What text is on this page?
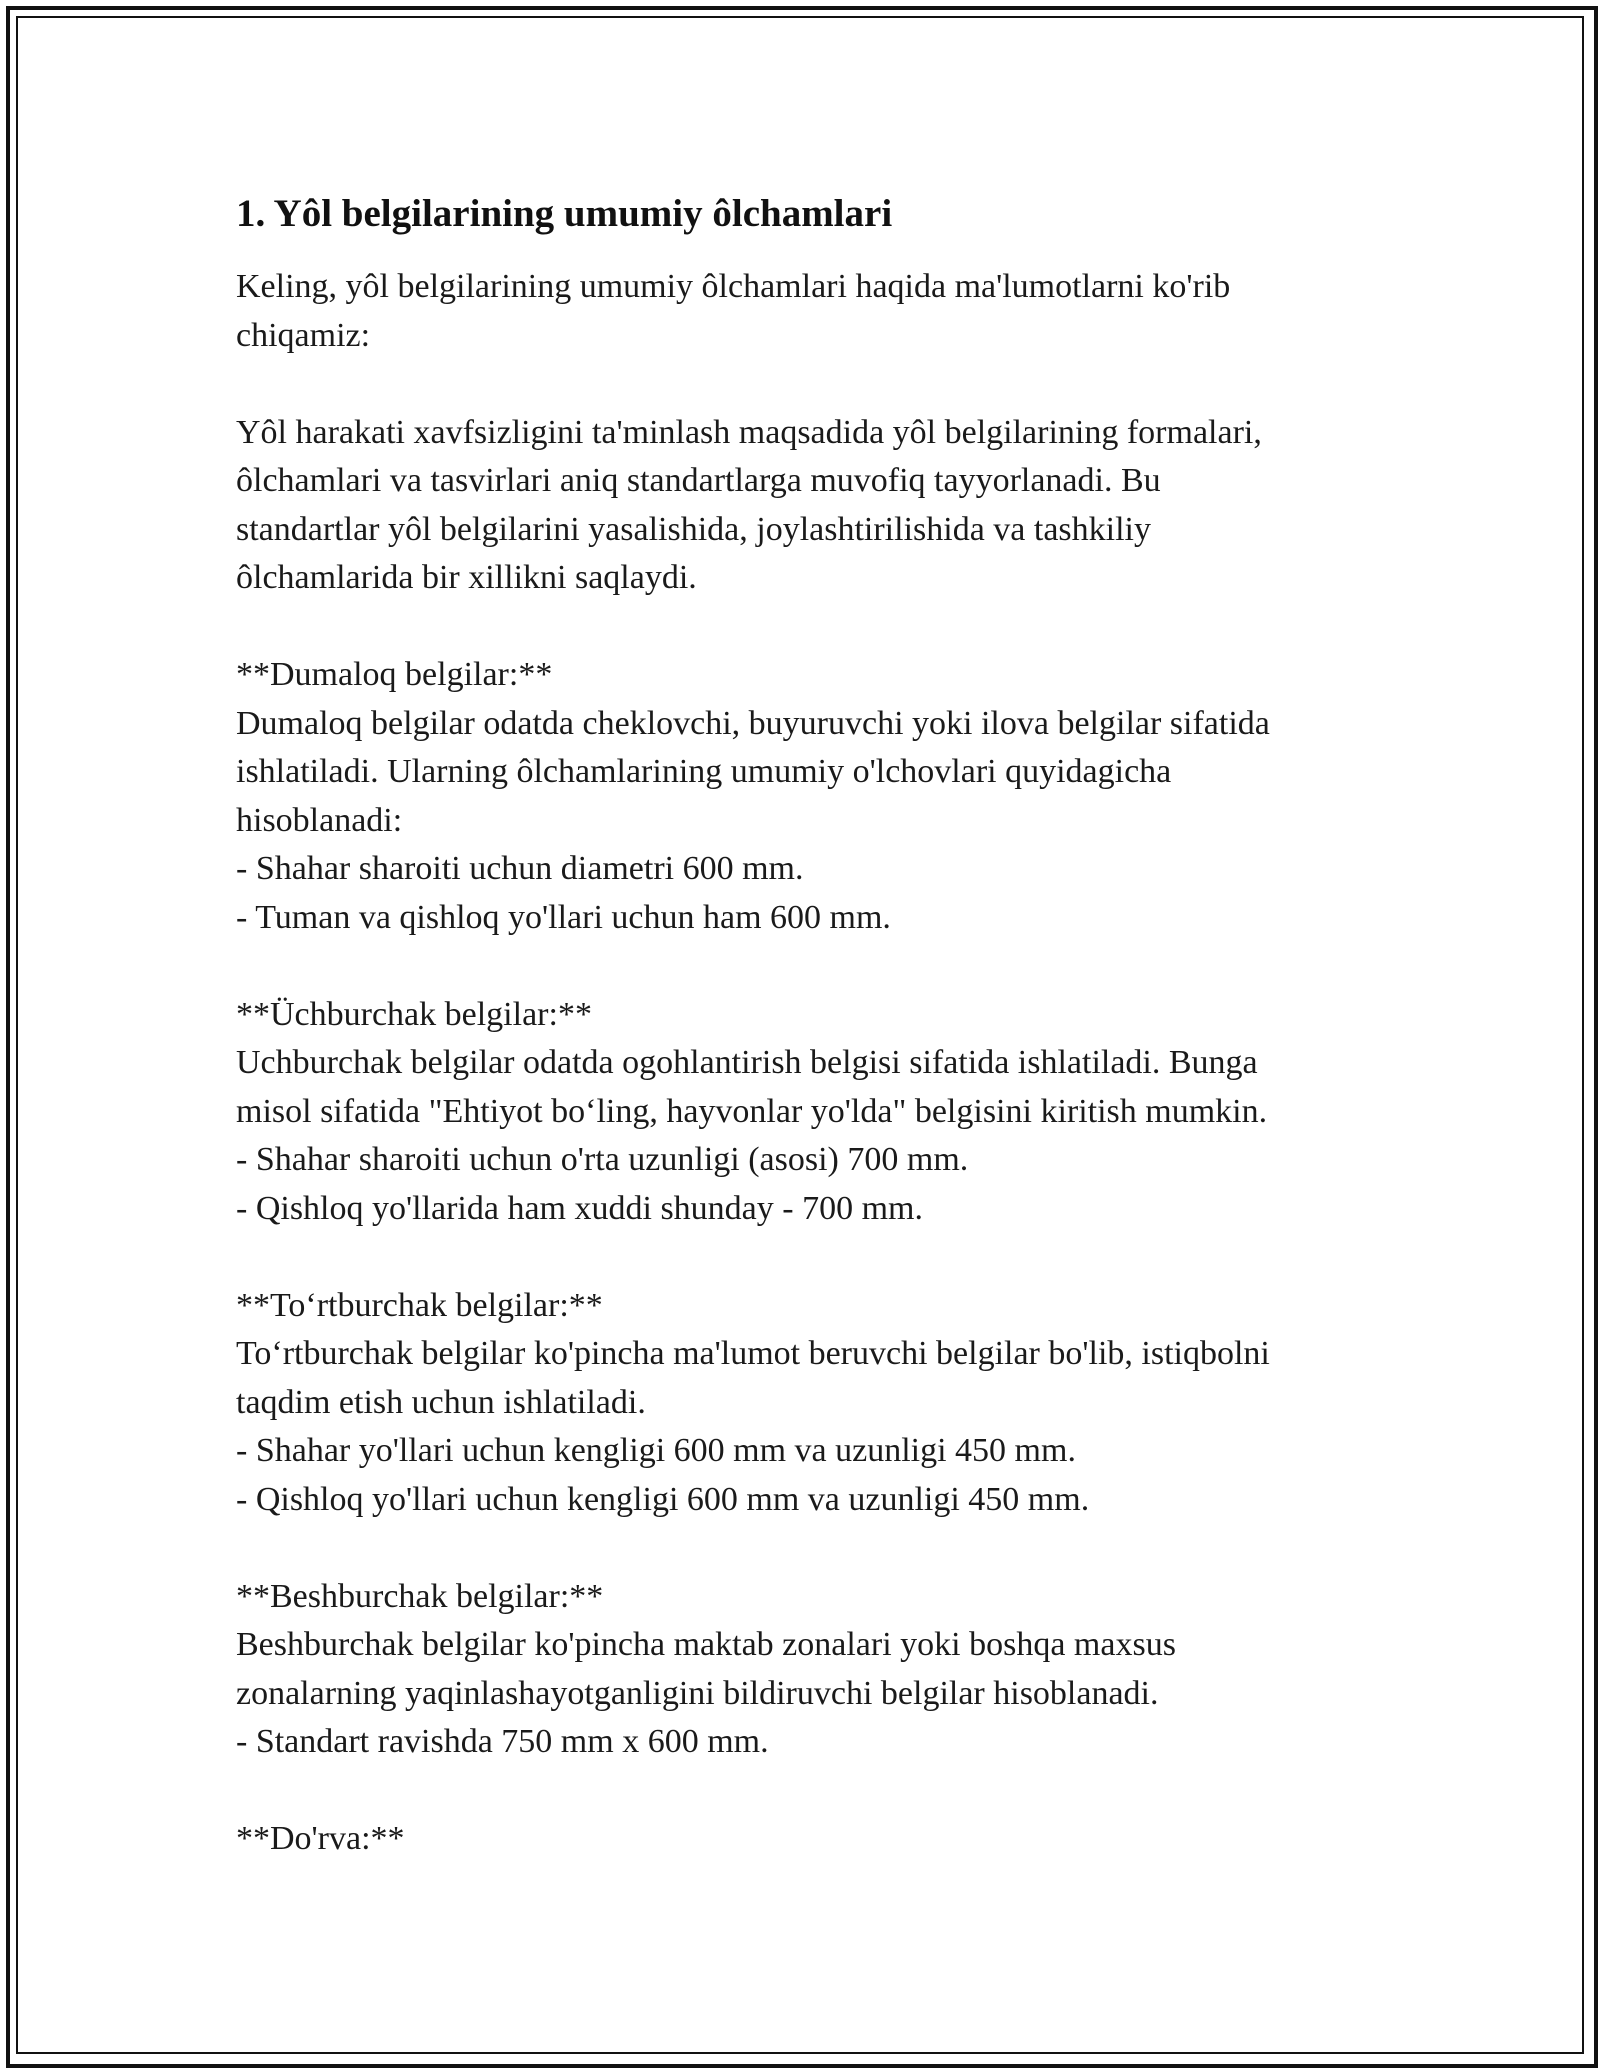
1. Yôl belgilarining umumiy ôlchamlari

Keling, yôl belgilarining umumiy ôlchamlari haqida ma'lumotlarni ko'rib

chiqamiz:

Yôl harakati xavfsizligini ta'minlash maqsadida yôl belgilarining formalari,

ôlchamlari va tasvirlari aniq standartlarga muvofiq tayyorlanadi. Bu

standartlar yôl belgilarini yasalishida, joylashtirilishida va tashkiliy

ôlchamlarida bir xillikni saqlaydi.

**Dumaloq belgilar:**

Dumaloq belgilar odatda cheklovchi, buyuruvchi yoki ilova belgilar sifatida

ishlatiladi. Ularning ôlchamlarining umumiy o'lchovlari quyidagicha

hisoblanadi:

- Shahar sharoiti uchun diametri 600 mm.

- Tuman va qishloq yo'llari uchun ham 600 mm.

**Üchburchak belgilar:**

Uchburchak belgilar odatda ogohlantirish belgisi sifatida ishlatiladi. Bunga

misol sifatida "Ehtiyot bo‘ling, hayvonlar yo'lda" belgisini kiritish mumkin.

- Shahar sharoiti uchun o'rta uzunligi (asosi) 700 mm.

- Qishloq yo'llarida ham xuddi shunday - 700 mm.

**To‘rtburchak belgilar:**

To‘rtburchak belgilar ko'pincha ma'lumot beruvchi belgilar bo'lib, istiqbolni

taqdim etish uchun ishlatiladi.

- Shahar yo'llari uchun kengligi 600 mm va uzunligi 450 mm.

- Qishloq yo'llari uchun kengligi 600 mm va uzunligi 450 mm.

**Beshburchak belgilar:**

Beshburchak belgilar ko'pincha maktab zonalari yoki boshqa maxsus

zonalarning yaqinlashayotganligini bildiruvchi belgilar hisoblanadi.

- Standart ravishda 750 mm x 600 mm.

**Do'rva:**
